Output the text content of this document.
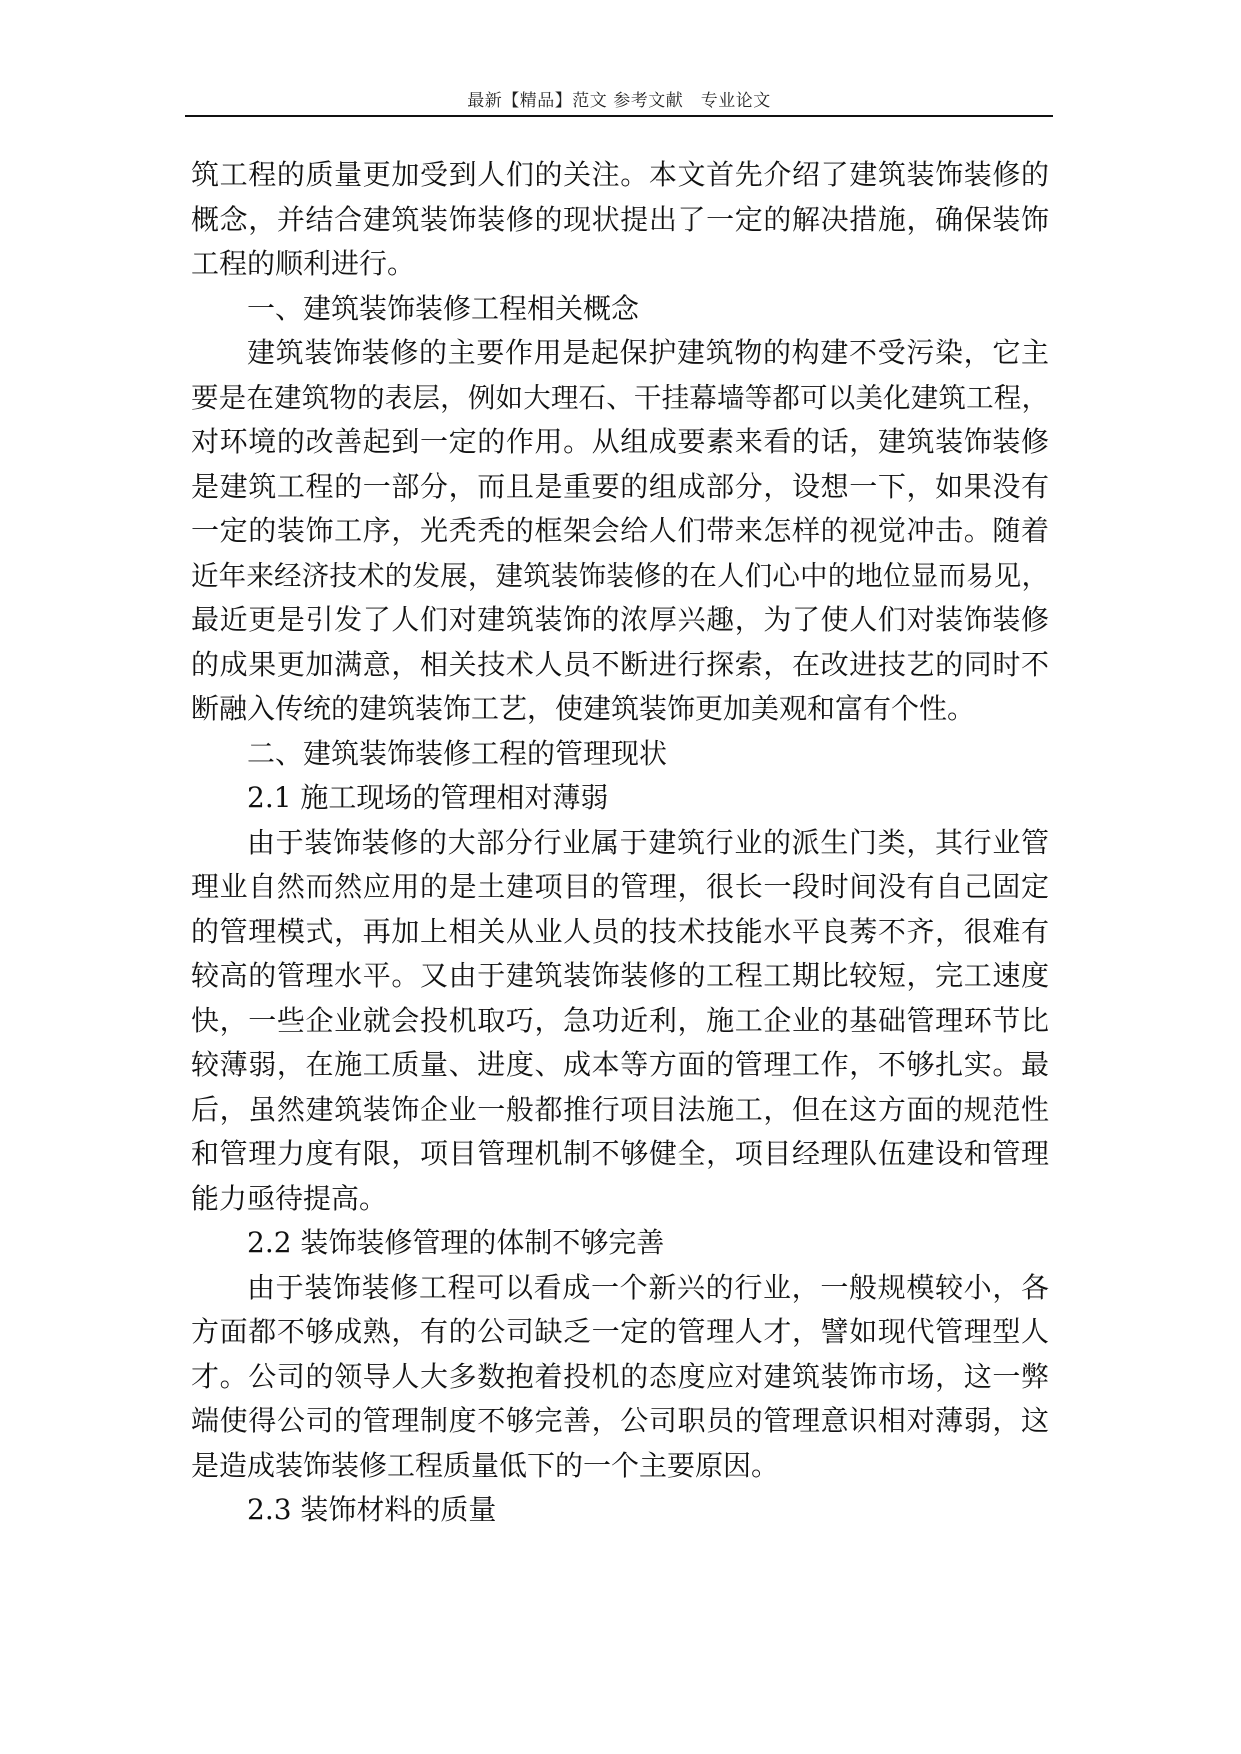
最新【精品】范文 参考文献　专业论文
筑工程的质量更加受到人们的关注。本文首先介绍了建筑装饰装修的
概念，并结合建筑装饰装修的现状提出了一定的解决措施，确保装饰
工程的顺利进行。
一、建筑装饰装修工程相关概念
建筑装饰装修的主要作用是起保护建筑物的构建不受污染，它主
要是在建筑物的表层，例如大理石、干挂幕墙等都可以美化建筑工程，
对环境的改善起到一定的作用。从组成要素来看的话，建筑装饰装修
是建筑工程的一部分，而且是重要的组成部分，设想一下，如果没有
一定的装饰工序，光秃秃的框架会给人们带来怎样的视觉冲击。随着
近年来经济技术的发展，建筑装饰装修的在人们心中的地位显而易见，
最近更是引发了人们对建筑装饰的浓厚兴趣，为了使人们对装饰装修
的成果更加满意，相关技术人员不断进行探索，在改进技艺的同时不
断融入传统的建筑装饰工艺，使建筑装饰更加美观和富有个性。
二、建筑装饰装修工程的管理现状
2.1 施工现场的管理相对薄弱
由于装饰装修的大部分行业属于建筑行业的派生门类，其行业管
理业自然而然应用的是土建项目的管理，很长一段时间没有自己固定
的管理模式，再加上相关从业人员的技术技能水平良莠不齐，很难有
较高的管理水平。又由于建筑装饰装修的工程工期比较短，完工速度
快，一些企业就会投机取巧，急功近利，施工企业的基础管理环节比
较薄弱，在施工质量、进度、成本等方面的管理工作，不够扎实。最
后，虽然建筑装饰企业一般都推行项目法施工，但在这方面的规范性
和管理力度有限，项目管理机制不够健全，项目经理队伍建设和管理
能力亟待提高。
2.2 装饰装修管理的体制不够完善
由于装饰装修工程可以看成一个新兴的行业，一般规模较小，各
方面都不够成熟，有的公司缺乏一定的管理人才，譬如现代管理型人
才。公司的领导人大多数抱着投机的态度应对建筑装饰市场，这一弊
端使得公司的管理制度不够完善，公司职员的管理意识相对薄弱，这
是造成装饰装修工程质量低下的一个主要原因。
2.3 装饰材料的质量
